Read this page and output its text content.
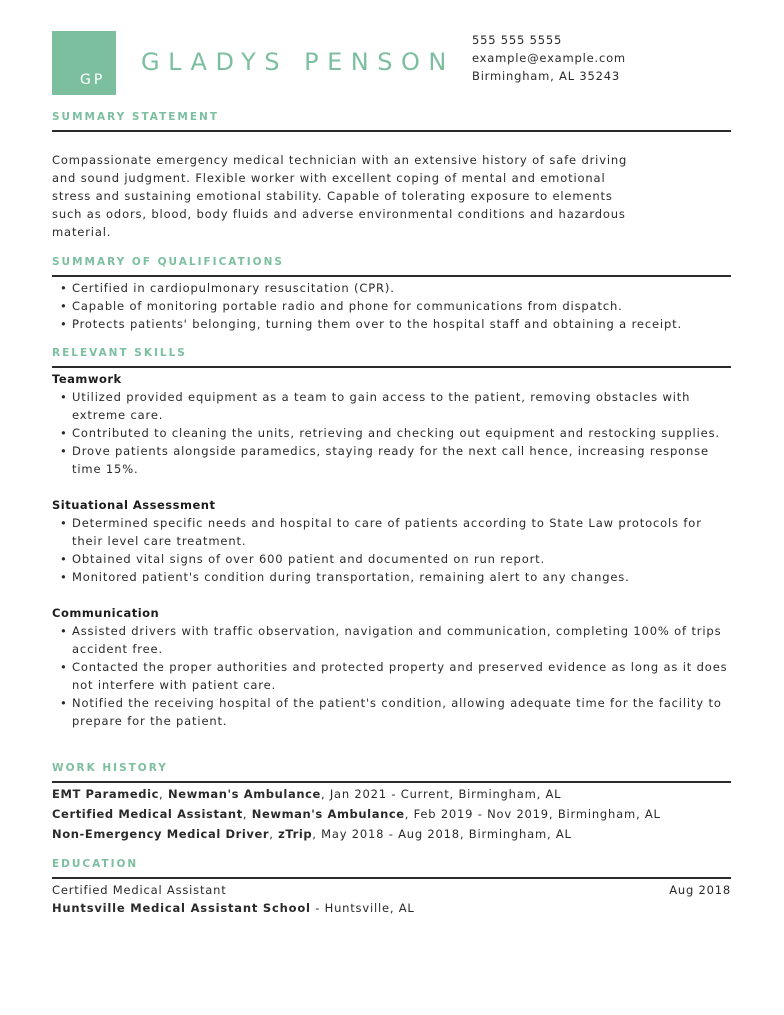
GP
GLADYS PENSON
555 555 5555
example@example.com
Birmingham, AL 35243
SUMMARY STATEMENT
Compassionate emergency medical technician with an extensive history of safe driving
and sound judgment. Flexible worker with excellent coping of mental and emotional
stress and sustaining emotional stability. Capable of tolerating exposure to elements
such as odors, blood, body fluids and adverse environmental conditions and hazardous
material.
SUMMARY OF QUALIFICATIONS
• Certified in cardiopulmonary resuscitation (CPR).
• Capable of monitoring portable radio and phone for communications from dispatch.
• Protects patients' belonging, turning them over to the hospital staff and obtaining a receipt.
RELEVANT SKILLS
Teamwork
• Utilized provided equipment as a team to gain access to the patient, removing obstacles with extreme care.
• Contributed to cleaning the units, retrieving and checking out equipment and restocking supplies.
• Drove patients alongside paramedics, staying ready for the next call hence, increasing response time 15%.
Situational Assessment
• Determined specific needs and hospital to care of patients according to State Law protocols for their level care treatment.
• Obtained vital signs of over 600 patient and documented on run report.
• Monitored patient's condition during transportation, remaining alert to any changes.
Communication
• Assisted drivers with traffic observation, navigation and communication, completing 100% of trips accident free.
• Contacted the proper authorities and protected property and preserved evidence as long as it does not interfere with patient care.
• Notified the receiving hospital of the patient's condition, allowing adequate time for the facility to prepare for the patient.
WORK HISTORY
EMT Paramedic, Newman's Ambulance, Jan 2021 - Current, Birmingham, AL
Certified Medical Assistant, Newman's Ambulance, Feb 2019 - Nov 2019, Birmingham, AL
Non-Emergency Medical Driver, zTrip, May 2018 - Aug 2018, Birmingham, AL
EDUCATION
Certified Medical Assistant	Aug 2018
Huntsville Medical Assistant School - Huntsville, AL
